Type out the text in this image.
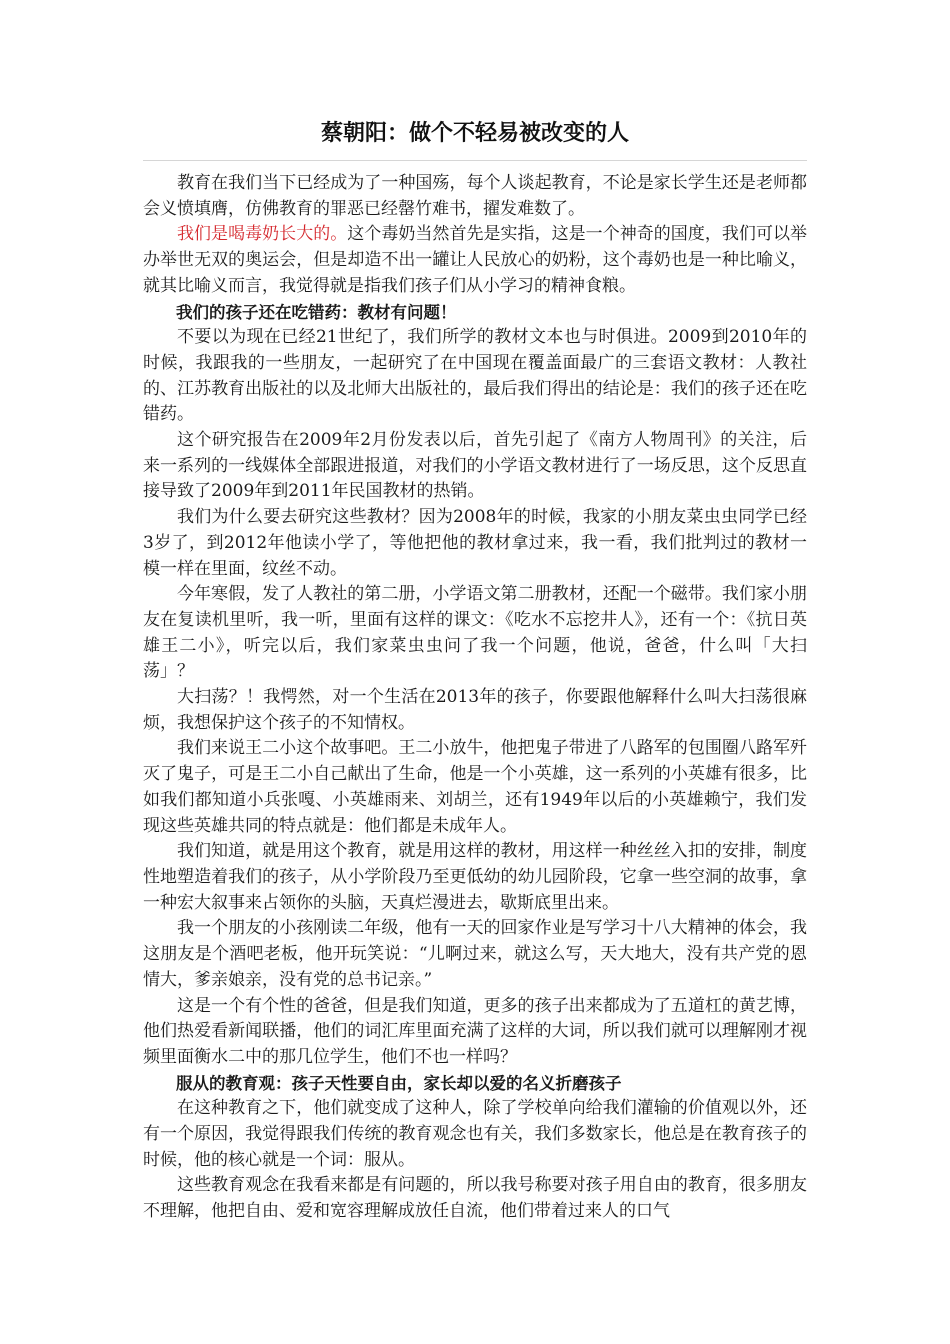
蔡朝阳：做个不轻易被改变的人

教育在我们当下已经成为了一种国殇，每个人谈起教育，不论是家长学生还是老师都会义愤填膺，仿佛教育的罪恶已经罄竹难书，擢发难数了。

我们是喝毒奶长大的。这个毒奶当然首先是实指，这是一个神奇的国度，我们可以举办举世无双的奥运会，但是却造不出一罐让人民放心的奶粉，这个毒奶也是一种比喻义，就其比喻义而言，我觉得就是指我们孩子们从小学习的精神食粮。

我们的孩子还在吃错药：教材有问题！

不要以为现在已经21世纪了，我们所学的教材文本也与时俱进。2009到2010年的时候，我跟我的一些朋友，一起研究了在中国现在覆盖面最广的三套语文教材：人教社的、江苏教育出版社的以及北师大出版社的，最后我们得出的结论是：我们的孩子还在吃错药。

这个研究报告在2009年2月份发表以后，首先引起了《南方人物周刊》的关注，后来一系列的一线媒体全部跟进报道，对我们的小学语文教材进行了一场反思，这个反思直接导致了2009年到2011年民国教材的热销。

我们为什么要去研究这些教材？因为2008年的时候，我家的小朋友菜虫虫同学已经3岁了，到2012年他读小学了，等他把他的教材拿过来，我一看，我们批判过的教材一模一样在里面，纹丝不动。

今年寒假，发了人教社的第二册，小学语文第二册教材，还配一个磁带。我们家小朋友在复读机里听，我一听，里面有这样的课文：《吃水不忘挖井人》，还有一个：《抗日英雄王二小》，听完以后，我们家菜虫虫问了我一个问题，他说，爸爸，什么叫「大扫荡」？

大扫荡？！我愕然，对一个生活在2013年的孩子，你要跟他解释什么叫大扫荡很麻烦，我想保护这个孩子的不知情权。

我们来说王二小这个故事吧。王二小放牛，他把鬼子带进了八路军的包围圈八路军歼灭了鬼子，可是王二小自己献出了生命，他是一个小英雄，这一系列的小英雄有很多，比如我们都知道小兵张嘎、小英雄雨来、刘胡兰，还有1949年以后的小英雄赖宁，我们发现这些英雄共同的特点就是：他们都是未成年人。

我们知道，就是用这个教育，就是用这样的教材，用这样一种丝丝入扣的安排，制度性地塑造着我们的孩子，从小学阶段乃至更低幼的幼儿园阶段，它拿一些空洞的故事，拿一种宏大叙事来占领你的头脑，天真烂漫进去，歇斯底里出来。

我一个朋友的小孩刚读二年级，他有一天的回家作业是写学习十八大精神的体会，我这朋友是个酒吧老板，他开玩笑说：“儿啊过来，就这么写，天大地大，没有共产党的恩情大，爹亲娘亲，没有党的总书记亲。”

这是一个有个性的爸爸，但是我们知道，更多的孩子出来都成为了五道杠的黄艺博，他们热爱看新闻联播，他们的词汇库里面充满了这样的大词，所以我们就可以理解刚才视频里面衡水二中的那几位学生，他们不也一样吗？

服从的教育观：孩子天性要自由，家长却以爱的名义折磨孩子

在这种教育之下，他们就变成了这种人，除了学校单向给我们灌输的价值观以外，还有一个原因，我觉得跟我们传统的教育观念也有关，我们多数家长，他总是在教育孩子的时候，他的核心就是一个词：服从。

这些教育观念在我看来都是有问题的，所以我号称要对孩子用自由的教育，很多朋友不理解，他把自由、爱和宽容理解成放任自流，他们带着过来人的口气
